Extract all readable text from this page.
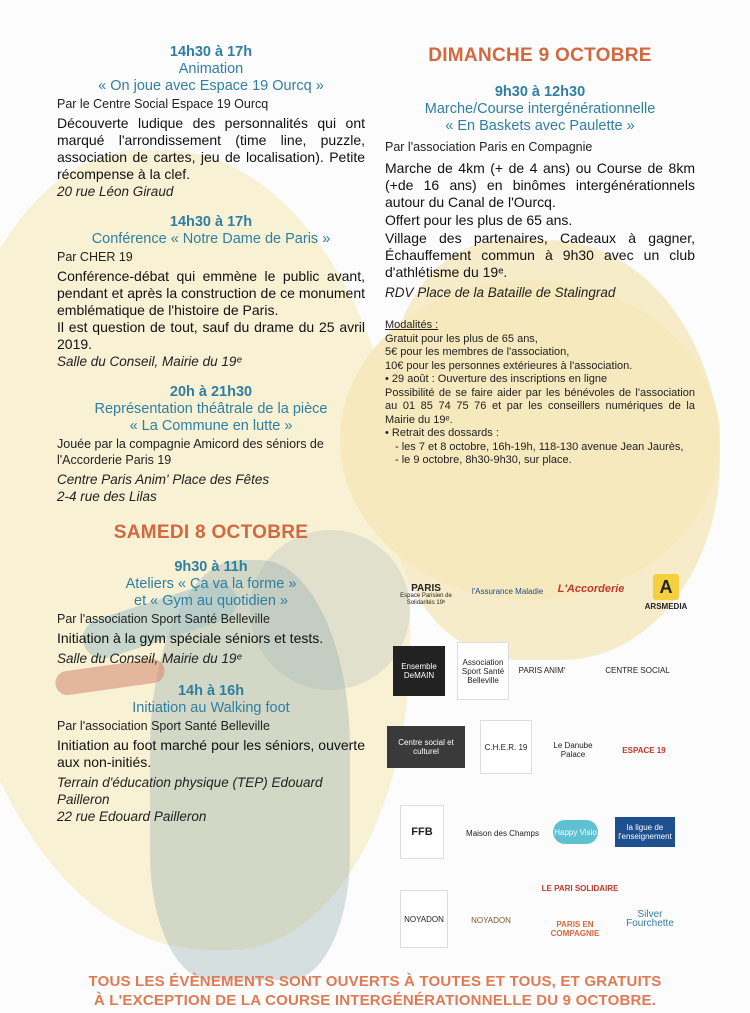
14h30 à 17h
Animation
« On joue avec Espace 19 Ourcq »
Par le Centre Social Espace 19 Ourcq
Découverte ludique des personnalités qui ont marqué l'arrondissement (time line, puzzle, association de cartes, jeu de localisation). Petite récompense à la clef.
20 rue Léon Giraud
14h30 à 17h
Conférence « Notre Dame de Paris »
Par CHER 19
Conférence-débat qui emmène le public avant, pendant et après la construction de ce monument emblématique de l'histoire de Paris.
Il est question de tout, sauf du drame du 25 avril 2019.
Salle du Conseil, Mairie du 19ᵉ
20h à 21h30
Représentation théâtrale de la pièce
« La Commune en lutte »
Jouée par la compagnie Amicord des séniors de l'Accorderie Paris 19
Centre Paris Anim' Place des Fêtes
2-4 rue des Lilas
SAMEDI 8 OCTOBRE
9h30 à 11h
Ateliers « Ça va la forme »
et « Gym au quotidien »
Par l'association Sport Santé Belleville
Initiation à la gym spéciale séniors et tests.
Salle du Conseil, Mairie du 19ᵉ
14h à 16h
Initiation au Walking foot
Par l'association Sport Santé Belleville
Initiation au foot marché pour les séniors, ouverte aux non-initiés.
Terrain d'éducation physique (TEP) Edouard Pailleron
22 rue Edouard Pailleron
DIMANCHE 9 OCTOBRE
9h30 à 12h30
Marche/Course intergénérationnelle
« En Baskets avec Paulette »
Par l'association Paris en Compagnie
Marche de 4km (+ de 4 ans) ou Course de 8km (+de 16 ans) en binômes intergénérationnels autour du Canal de l'Ourcq.
Offert pour les plus de 65 ans.
Village des partenaires, Cadeaux à gagner, Échauffement commun à 9h30 avec un club d'athlétisme du 19ᵉ.
RDV Place de la Bataille de Stalingrad
Modalités :
Gratuit pour les plus de 65 ans,
5€ pour les membres de l'association,
10€ pour les personnes extérieures à l'association.
• 29 août : Ouverture des inscriptions en ligne
Possibilité de se faire aider par les bénévoles de l'association au 01 85 74 75 76 et par les conseillers numériques de la Mairie du 19ᵉ.
• Retrait des dossards :
- les 7 et 8 octobre, 16h-19h, 118-130 avenue Jean Jaurès,
- le 9 octobre, 8h30-9h30, sur place.
PARIS
Espace Parisien de Solidarités 19ᵉ
l'Assurance Maladie L'Accorderie	A
ARSMEDIA
Ensemble DeMAIN
Association Sport Santé Belleville
PARIS ANIM'	CENTRE SOCIAL
Centre social et culturel	C.H.E.R. 19	Le Danube Palace	ESPACE 19
FFB	Maison des Champs Happy Visio	la ligue de l'enseignement
NOYADON	NOYADON
LE PARI SOLIDAIRE
PARIS EN COMPAGNIE
Silver Fourchette
TOUS LES ÉVÈNEMENTS SONT OUVERTS À TOUTES ET TOUS, ET GRATUITS
À L'EXCEPTION DE LA COURSE INTERGÉNÉRATIONNELLE DU 9 OCTOBRE.
